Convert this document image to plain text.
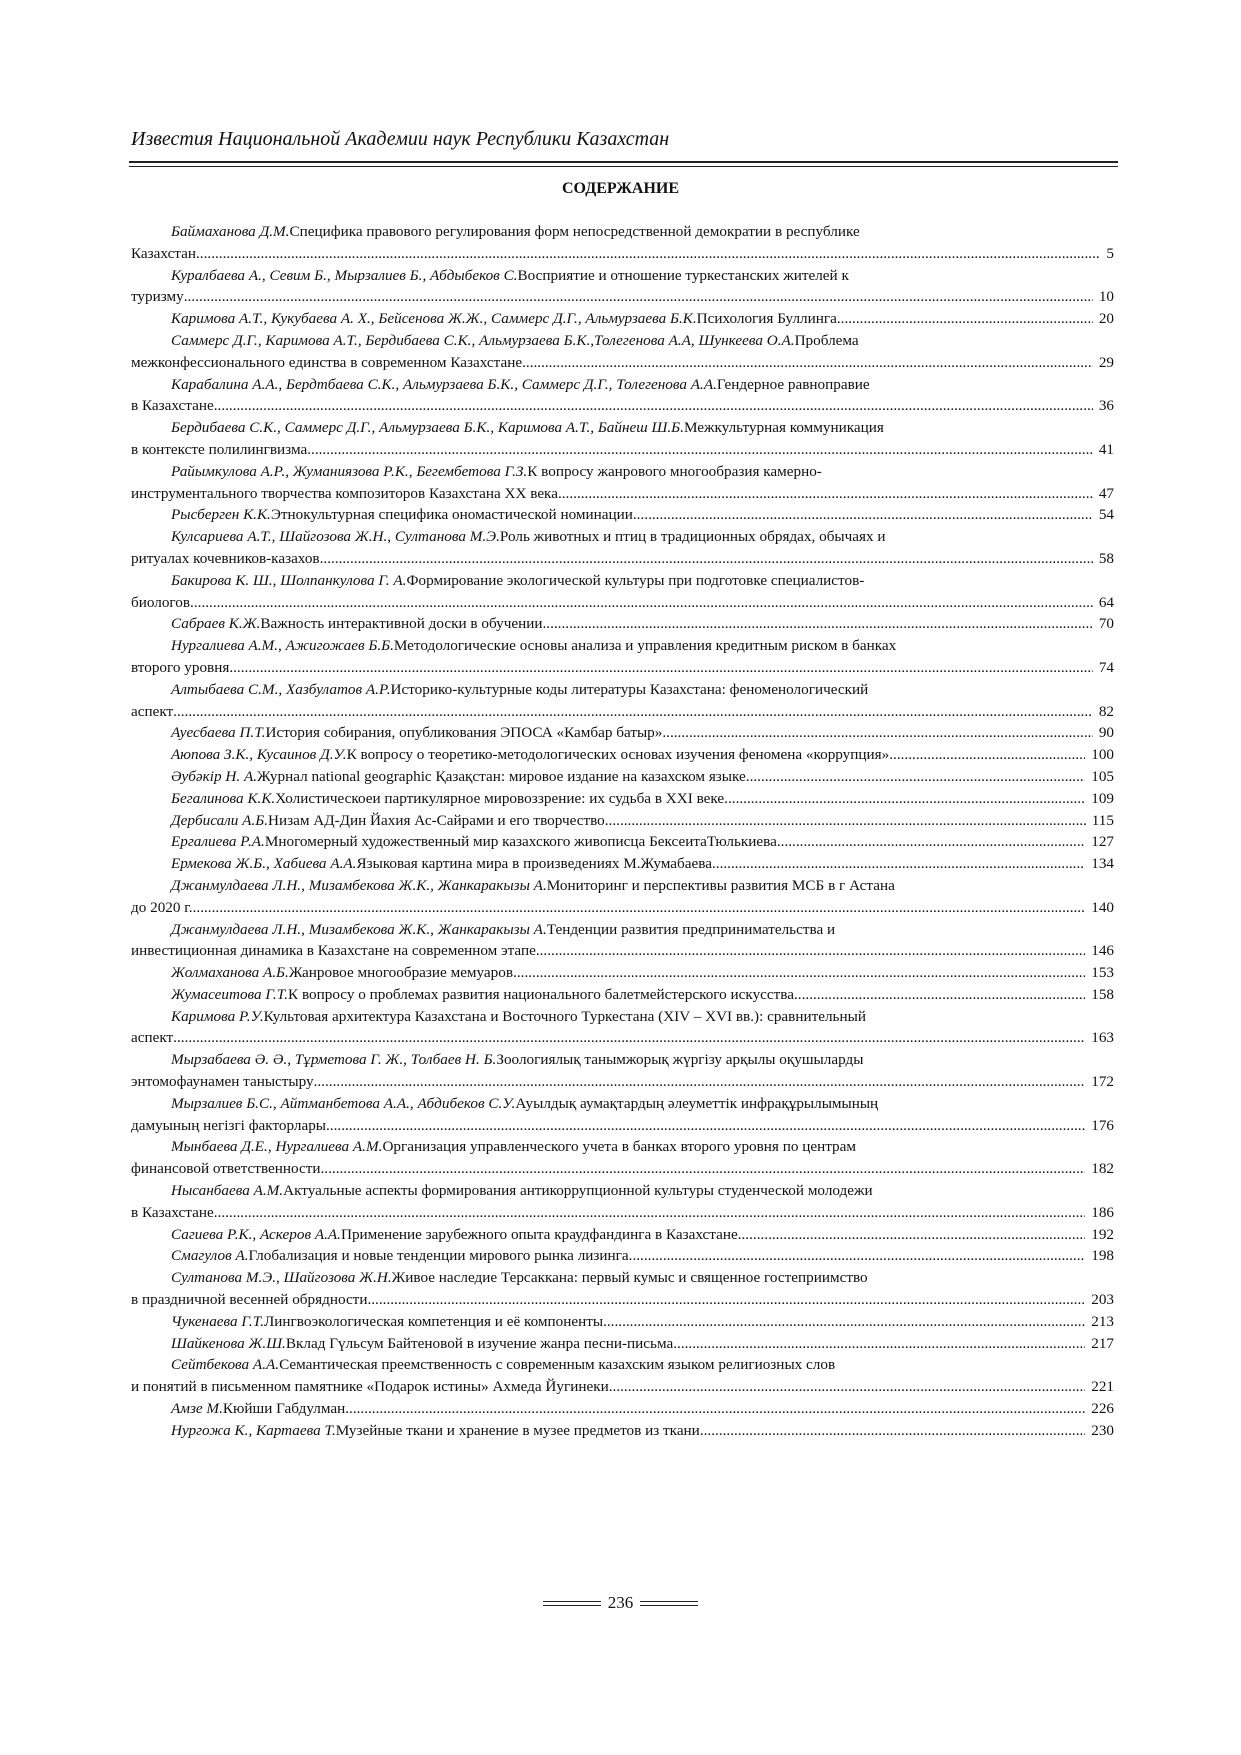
Известия Национальной Академии наук Республики Казахстан
СОДЕРЖАНИЕ
Баймаханова Д.М. Специфика правового регулирования форм непосредственной демократии в республике
Казахстан .....	5
Куралбаева А., Севим Б., Мырзалиев Б., Абдыбеков С. Восприятие и отношение туркестанских жителей к
туризму .....	10
Каримова А.Т., Кукубаева А. Х., Бейсенова Ж.Ж., Саммерс Д.Г., Альмурзаева Б.К. Психология Буллинга .....	20
Саммерс Д.Г., Каримова А.Т., Бердибаева С.К., Альмурзаева Б.К.,Толегенова А.А, Шункеева О.А. Проблема
межконфессионального единства в современном Казахстане .....	29
Карабалина А.А., Бердтбаева С.К., Альмурзаева Б.К., Саммерс Д.Г., Толегенова А.А. Гендерное равноправие
в Казахстане .....	36
Бердибаева С.К., Саммерс Д.Г., Альмурзаева Б.К., Каримова А.Т., Байнеш Ш.Б. Межкультурная коммуникация
в контексте полилингвизма .....	41
Райымкулова А.Р., Жуманиязова Р.К., Бегембетова Г.З. К вопросу жанрового многообразия камерно-
инструментального творчества композиторов Казахстана XX века .....	47
Рысберген К.К. Этнокультурная специфика ономастической номинации .....	54
Кулсариева А.Т., Шайгозова Ж.Н., Султанова М.Э. Роль животных и птиц в традиционных обрядах, обычаях и
ритуалах кочевников-казахов .....	58
Бакирова К. Ш., Шолпанкулова Г. А. Формирование экологической культуры при подготовке специалистов-
биологов .....	64
Сабраев К.Ж. Важность интерактивной доски в обучении .....	70
Нургалиева А.М., Ажигожаев Б.Б. Методологические основы анализа и управления кредитным риском в банках
второго уровня .....	74
Алтыбаева С.М., Хазбулатов А.Р. Историко-культурные коды литературы Казахстана: феноменологический
аспект .....	82
Ауесбаева П.Т. История собирания, опубликования ЭПОСА «Камбар батыр» .....	90
Аюпова З.К., Кусаинов Д.У. К вопросу о теоретико-методологических основах изучения феномена «коррупция» .....	100
Әубәкір Н. А. Журнал national geographic Қазақстан: мировое издание на казахском языке .....	105
Бегалинова К.К. Холистическоеи партикулярное мировоззрение: их судьба в XXI веке .....	109
Дербисали А.Б. Низам АД-Дин Йахия Ас-Сайрами и его творчество .....	115
Ергалиева Р.А. Многомерный художественный мир казахского живописца БексеитаТюлькиева .....	127
Ермекова Ж.Б., Хабиева А.А. Языковая картина мира в произведениях М.Жумабаева .....	134
Джанмулдаева Л.Н., Мизамбекова Ж.К., Жанкаракызы А. Мониторинг и перспективы развития МСБ в г Астана
до 2020 г. .....	140
Джанмулдаева Л.Н., Мизамбекова Ж.К., Жанкаракызы А. Тенденции развития предпринимательства и
инвестиционная динамика в Казахстане на современном этапе .....	146
Жолмаханова А.Б. Жанровое многообразие мемуаров .....	153
Жумасеитова Г.Т. К вопросу о проблемах развития национального балетмейстерского искусства .....	158
Каримова Р.У. Культовая архитектура Казахстана и Восточного Туркестана (XIV – XVI вв.): сравнительный
аспект .....	163
Мырзабаева Ә. Ә., Тұрметова Г. Ж., Толбаев Н. Б. Зоологиялық танымжорық жүргізу арқылы оқушыларды
энтомофаунамен таныстыру .....	172
Мырзалиев Б.С., Айтманбетова А.А., Абдибеков С.У. Ауылдық аумақтардың әлеуметтік инфрақұрылымының
дамуының негізгі факторлары .....	176
Мынбаева Д.Е., Нургалиева А.М. Организация управленческого учета в банках второго уровня по центрам
финансовой ответственности .....	182
Нысанбаева А.М. Актуальные аспекты формирования антикоррупционной культуры студенческой молодежи
в Казахстане .....	186
Сагиева Р.К., Аскеров А.А. Применение зарубежного опыта краудфандинга в Казахстане .....	192
Смагулов А. Глобализация и новые тенденции мирового рынка лизинга .....	198
Султанова М.Э., Шайгозова Ж.Н. Живое наследие Терсаккана: первый кумыс и священное гостеприимство
в праздничной весенней обрядности .....	203
Чукенаева Г.Т. Лингвоэкологическая компетенция и её компоненты .....	213
Шайкенова Ж.Ш. Вклад Гүльсум Байтеновой в изучение жанра песни-письма .....	217
Сейтбекова А.А. Семантическая преемственность с современным казахским языком религиозных слов
и понятий в письменном памятнике «Подарок истины» Ахмеда Йугинеки .....	221
Амзе М. Кюйши Габдулман .....	226
Нургожа К., Картаева Т. Музейные ткани и хранение в музее предметов из ткани .....	230
236
